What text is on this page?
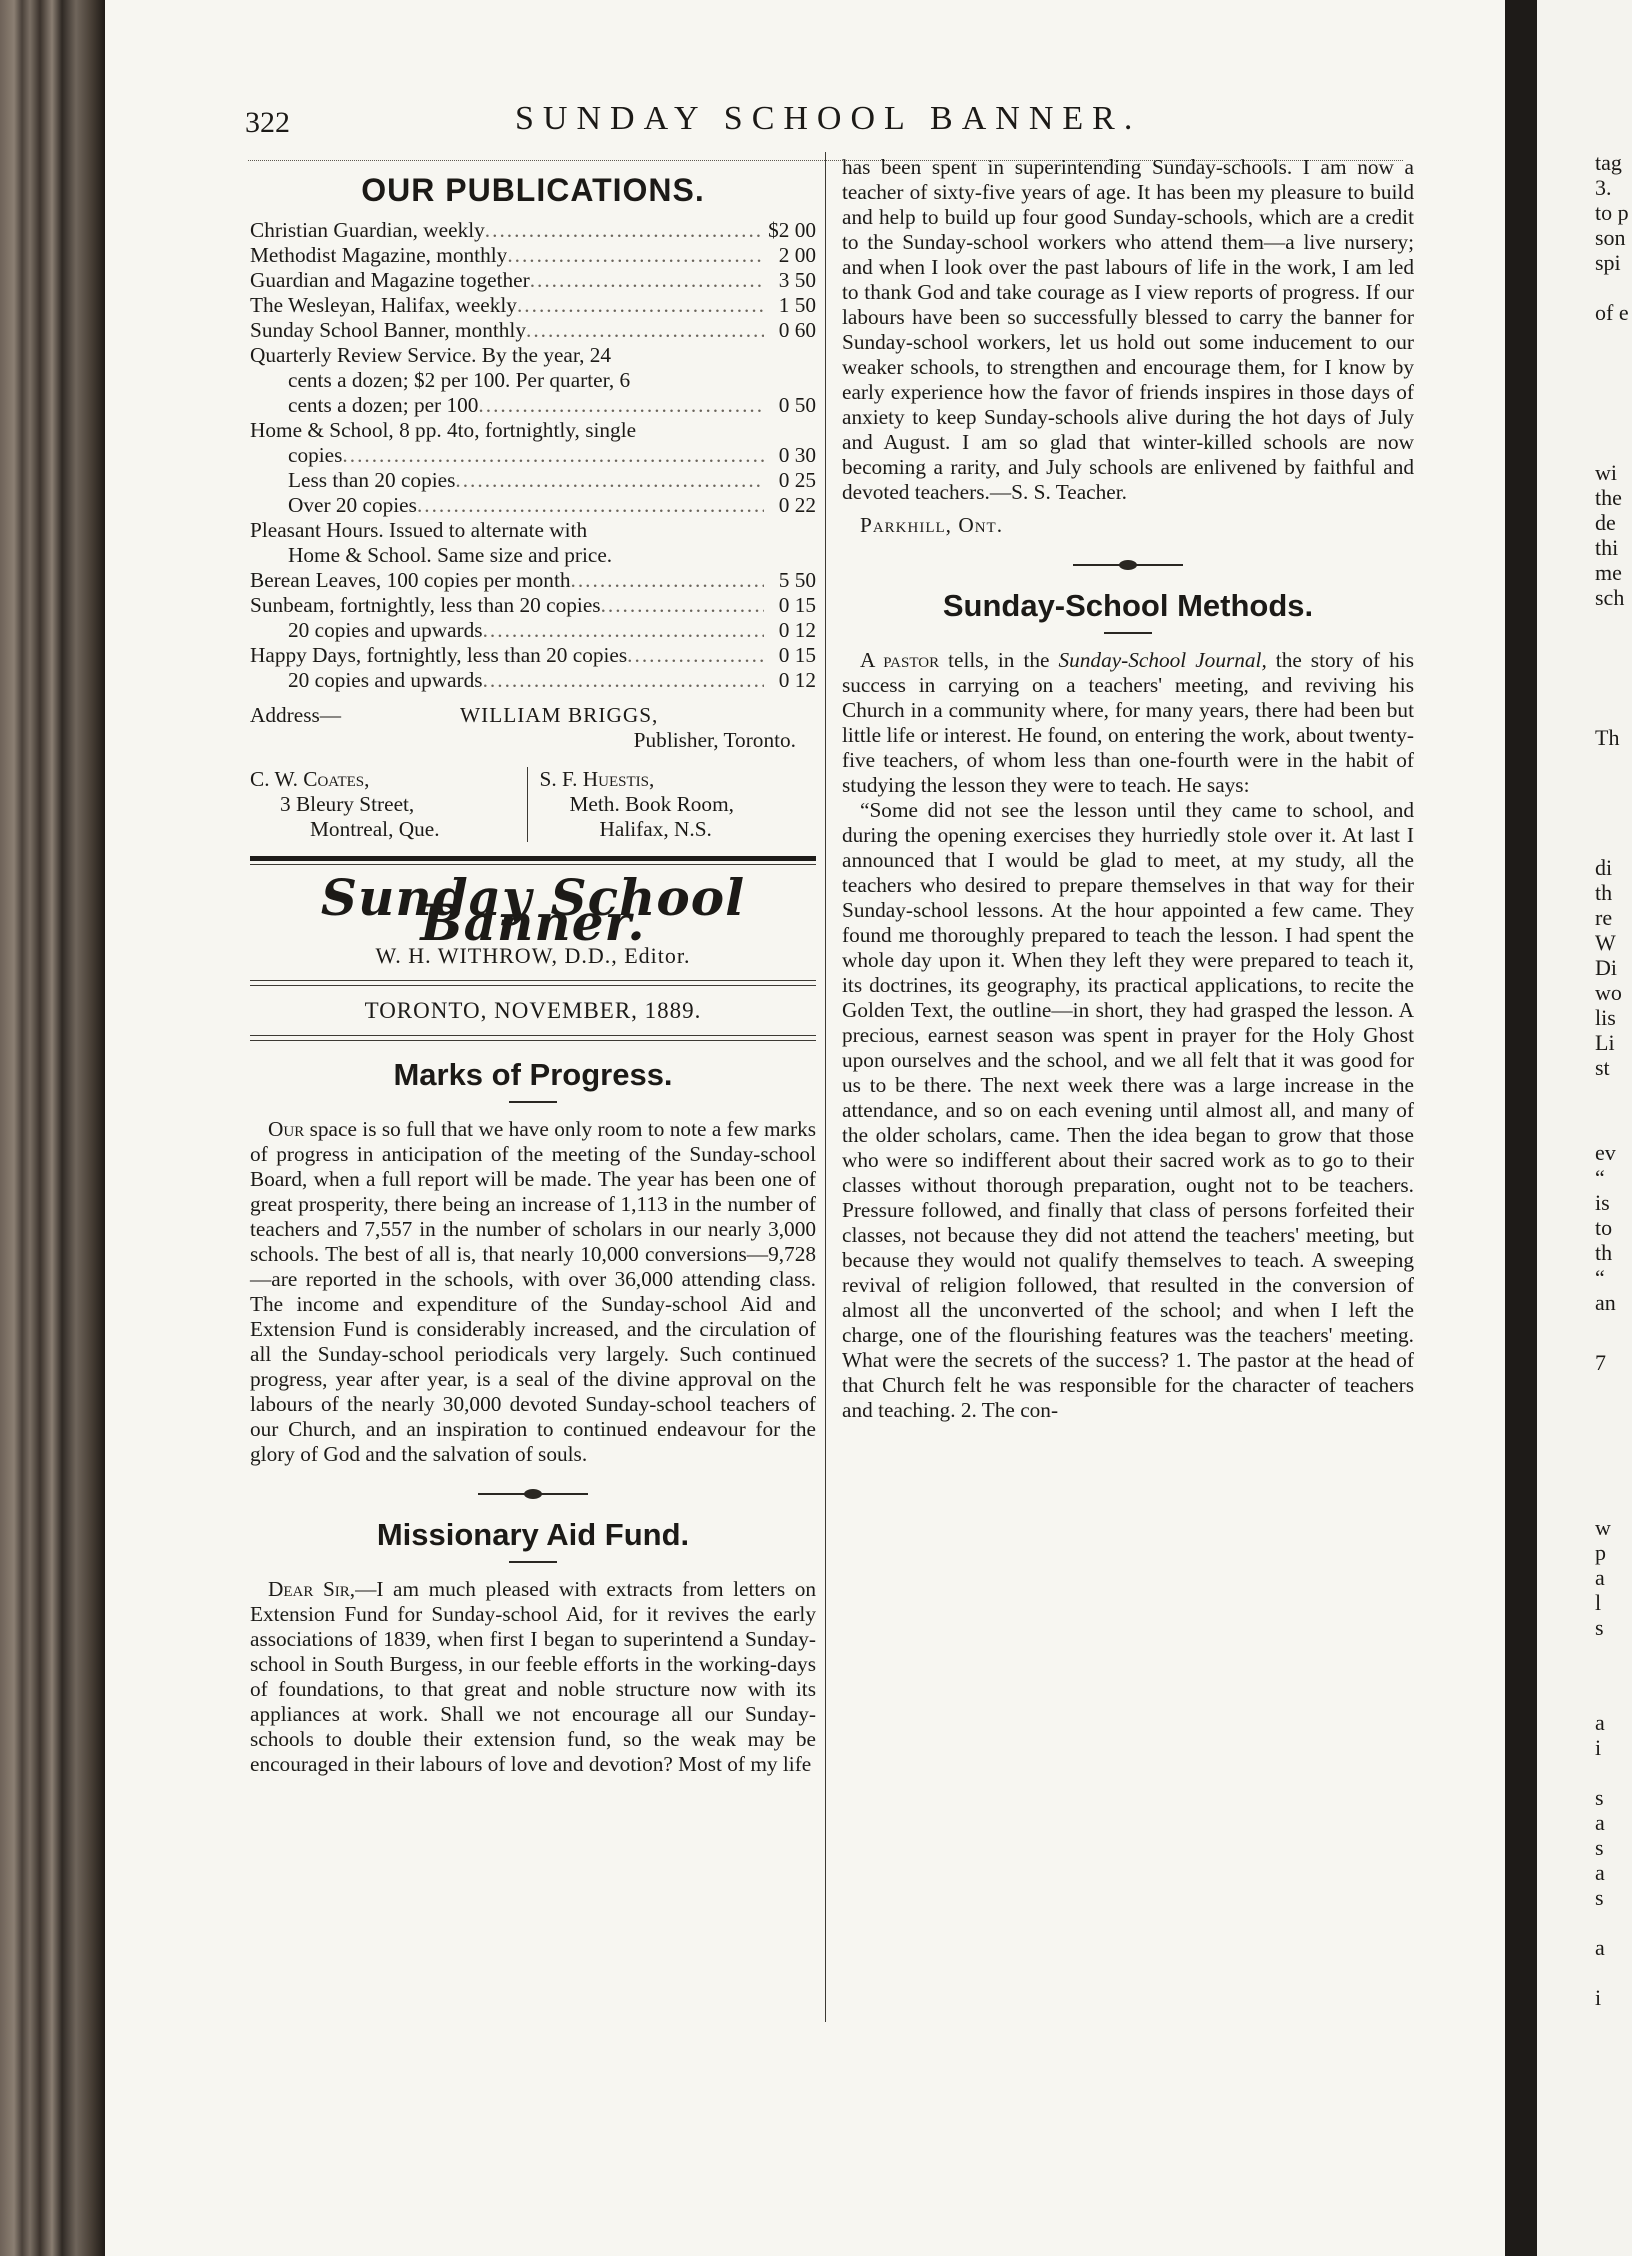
322	SUNDAY SCHOOL BANNER.
OUR PUBLICATIONS.
Christian Guardian, weekly .....	$2 00
Methodist Magazine, monthly .....	2 00
Guardian and Magazine together .....	3 50
The Wesleyan, Halifax, weekly .....	1 50
Sunday School Banner, monthly .....	0 60
Quarterly Review Service. By the year, 24
cents a dozen; $2 per 100. Per quarter, 6
cents a dozen; per 100 .....	0 50
Home & School, 8 pp. 4to, fortnightly, single
copies .....	0 30
Less than 20 copies .....	0 25
Over 20 copies .....	0 22
Pleasant Hours. Issued to alternate with
Home & School. Same size and price.
Berean Leaves, 100 copies per month .....	5 50
Sunbeam, fortnightly, less than 20 copies .....	0 15
20 copies and upwards .....	0 12
Happy Days, fortnightly, less than 20 copies .....	0 15
20 copies and upwards .....	0 12
Address—	WILLIAM BRIGGS,
Publisher, Toronto.
C. W. Coates,
3 Bleury Street,
Montreal, Que.
S. F. Huestis,
Meth. Book Room,
Halifax, N.S.
Sunday School Banner.
W. H. WITHROW, D.D., Editor.
TORONTO, NOVEMBER, 1889.
Marks of Progress.

Our space is so full that we have only room to note a few marks of progress in anticipation of the meeting of the Sunday-school Board, when a full report will be made. The year has been one of great prosperity, there being an increase of 1,113 in the number of teachers and 7,557 in the number of scholars in our nearly 3,000 schools. The best of all is, that nearly 10,000 conversions—9,728—are reported in the schools, with over 36,000 attending class. The income and expenditure of the Sunday-school Aid and Extension Fund is considerably increased, and the circulation of all the Sunday-school periodicals very largely. Such continued progress, year after year, is a seal of the divine approval on the labours of the nearly 30,000 devoted Sunday-school teachers of our Church, and an inspiration to continued endeavour for the glory of God and the salvation of souls.

Missionary Aid Fund.

Dear Sir,—I am much pleased with extracts from letters on Extension Fund for Sunday-school Aid, for it revives the early associations of 1839, when first I began to superintend a Sunday-school in South Burgess, in our feeble efforts in the working-days of foundations, to that great and noble structure now with its appliances at work. Shall we not encourage all our Sunday-schools to double their extension fund, so the weak may be encouraged in their labours of love and devotion? Most of my life

has been spent in superintending Sunday-schools. I am now a teacher of sixty-five years of age. It has been my pleasure to build and help to build up four good Sunday-schools, which are a credit to the Sunday-school workers who attend them—a live nursery; and when I look over the past labours of life in the work, I am led to thank God and take courage as I view reports of progress. If our labours have been so successfully blessed to carry the banner for Sunday-school workers, let us hold out some inducement to our weaker schools, to strengthen and encourage them, for I know by early experience how the favor of friends inspires in those days of anxiety to keep Sunday-schools alive during the hot days of July and August. I am so glad that winter-killed schools are now becoming a rarity, and July schools are enlivened by faithful and devoted teachers.—S. S. Teacher.

Parkhill, Ont.
Sunday-School Methods.

A pastor tells, in the Sunday-School Journal, the story of his success in carrying on a teachers' meeting, and reviving his Church in a community where, for many years, there had been but little life or interest. He found, on entering the work, about twenty-five teachers, of whom less than one-fourth were in the habit of studying the lesson they were to teach. He says:

“Some did not see the lesson until they came to school, and during the opening exercises they hurriedly stole over it. At last I announced that I would be glad to meet, at my study, all the teachers who desired to prepare themselves in that way for their Sunday-school lessons. At the hour appointed a few came. They found me thoroughly prepared to teach the lesson. I had spent the whole day upon it. When they left they were prepared to teach it, its doctrines, its geography, its practical applications, to recite the Golden Text, the outline—in short, they had grasped the lesson. A precious, earnest season was spent in prayer for the Holy Ghost upon ourselves and the school, and we all felt that it was good for us to be there. The next week there was a large increase in the attendance, and so on each evening until almost all, and many of the older scholars, came. Then the idea began to grow that those who were so indifferent about their sacred work as to go to their classes without thorough preparation, ought not to be teachers. Pressure followed, and finally that class of persons forfeited their classes, not because they did not attend the teachers' meeting, but because they would not qualify themselves to teach. A sweeping revival of religion followed, that resulted in the conversion of almost all the unconverted of the school; and when I left the charge, one of the flourishing features was the teachers' meeting. What were the secrets of the success? 1. The pastor at the head of that Church felt he was responsible for the character of teachers and teaching. 2. The con-

tag
3.
to p
son
spi
of e
wi
the
de
thi
me
sch
Th
di
th
re
W
Di
wo
lis
Li
st
ev
“
is
to
th
“
an
7
w
p
a
l
s
a
i
s
a
s
a
s
a
i
